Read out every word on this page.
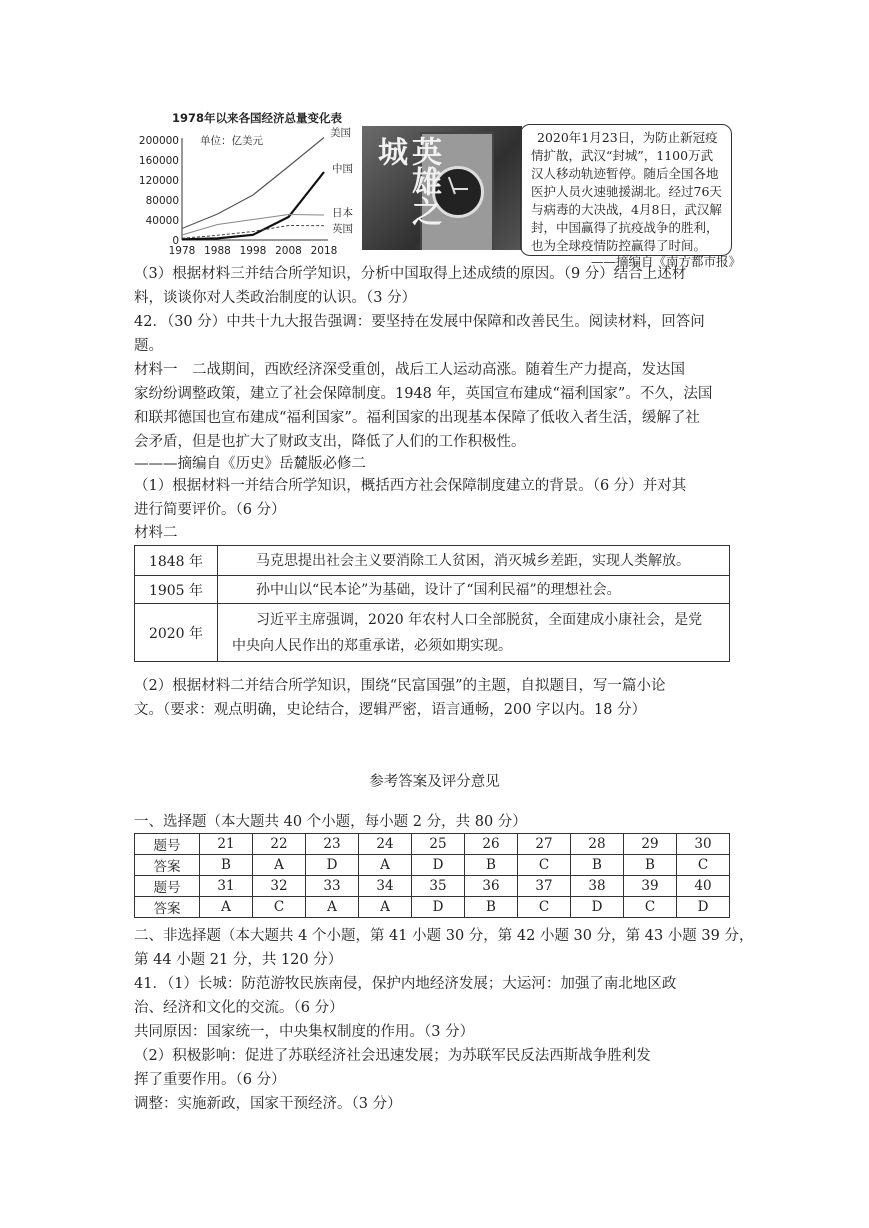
1978年以来各国经济总量变化表
单位：亿美元
200000
160000
120000
80000
40000
0
1978 1988 1998 2008 2018
美国
中国
日本
英国
英雄之城	2020年1月23日，为防止新冠疫
情扩散，武汉“封城”，1100万武
汉人移动轨迹暂停。随后全国各地
医护人员火速驰援湖北。经过76天
与病毒的大决战，4月8日，武汉解
封，中国赢得了抗疫战争的胜利，
也为全球疫情防控赢得了时间。
——摘编自《南方都市报》
（3）根据材料三并结合所学知识，分析中国取得上述成绩的原因。（9 分）结合上述材
料，谈谈你对人类政治制度的认识。（3 分）
42．（30 分）中共十九大报告强调：要坚持在发展中保障和改善民生。阅读材料，回答问
题。
材料一　二战期间，西欧经济深受重创，战后工人运动高涨。随着生产力提高，发达国
家纷纷调整政策，建立了社会保障制度。1948 年，英国宣布建成“福利国家”。不久，法国
和联邦德国也宣布建成“福利国家”。福利国家的出现基本保障了低收入者生活，缓解了社
会矛盾，但是也扩大了财政支出，降低了人们的工作积极性。
———摘编自《历史》岳麓版必修二
（1）根据材料一并结合所学知识，概括西方社会保障制度建立的背景。（6 分）并对其
进行简要评价。（6 分）
材料二
1848 年	马克思提出社会主义要消除工人贫困，消灭城乡差距，实现人类解放。
1905 年	孙中山以“民本论”为基础，设计了“国利民福”的理想社会。
2020 年	习近平主席强调，2020 年农村人口全部脱贫，全面建成小康社会，是党
中央向人民作出的郑重承诺，必须如期实现。
（2）根据材料二并结合所学知识，围绕“民富国强”的主题，自拟题目，写一篇小论
文。（要求：观点明确，史论结合，逻辑严密，语言通畅，200 字以内。18 分）
参考答案及评分意见
一、选择题（本大题共 40 个小题，每小题 2 分，共 80 分）
题号	21	22	23	24	25	26	27	28	29	30
答案	B	A	D	A	D	B	C	B	B	C
题号	31	32	33	34	35	36	37	38	39	40
答案	A	C	A	A	D	B	C	D	C	D
二、非选择题（本大题共 4 个小题，第 41 小题 30 分，第 42 小题 30 分，第 43 小题 39 分，
第 44 小题 21 分，共 120 分）
41．（1）长城：防范游牧民族南侵，保护内地经济发展；大运河：加强了南北地区政
治、经济和文化的交流。（6 分）
共同原因：国家统一，中央集权制度的作用。（3 分）
（2）积极影响：促进了苏联经济社会迅速发展；为苏联军民反法西斯战争胜利发
挥了重要作用。（6 分）
调整：实施新政，国家干预经济。（3 分）
